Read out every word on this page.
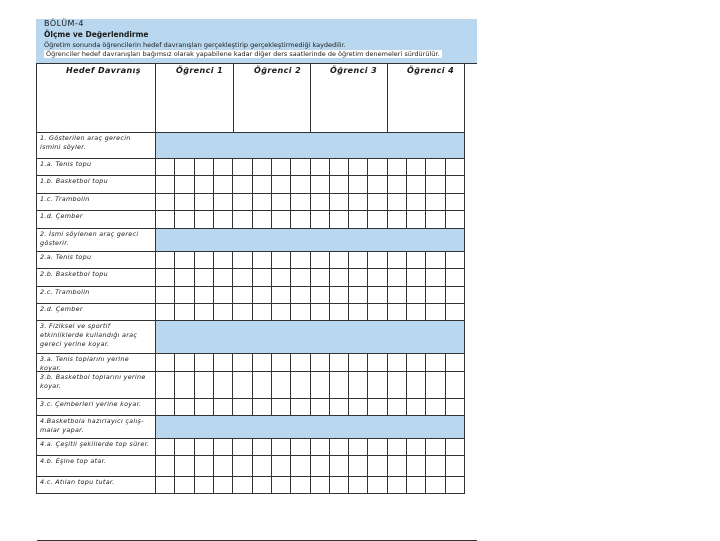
BÖLÜM-4
Ölçme ve Değerlendirme
Öğretim sonunda öğrencilerin hedef davranışları gerçekleştirip gerçekleştirmediği kaydedilir.
Öğrenciler hedef davranışları bağımsız olarak yapabilene kadar diğer ders saatlerinde de öğretim denemeleri sürdürülür.
Hedef Davranış	Öğrenci 1	Öğrenci 2	Öğrenci 3	Öğrenci 4
1. Gösterilen araç gerecin ismini söyler.
1.a. Tenis topu
1.b. Basketbol topu
1.c. Trambolin
1.d. Çember
2. İsmi söylenen araç gereci gösterir.
2.a. Tenis topu
2.b. Basketbol topu
2.c. Trambolin
2.d. Çember
3. Fiziksel ve sportif etkinliklerde kullandığı araç gereci yerine koyar.
3.a. Tenis toplarını yerine koyar.
3.b. Basketbol toplarını yerine koyar.
3.c. Çemberleri yerine koyar.
4.Basketbola hazırlayıcı çalış- malar yapar.
4.a. Çeşitli şekillerde top sürer.
4.b. Eşine top atar.
4.c. Atılan topu tutar.
